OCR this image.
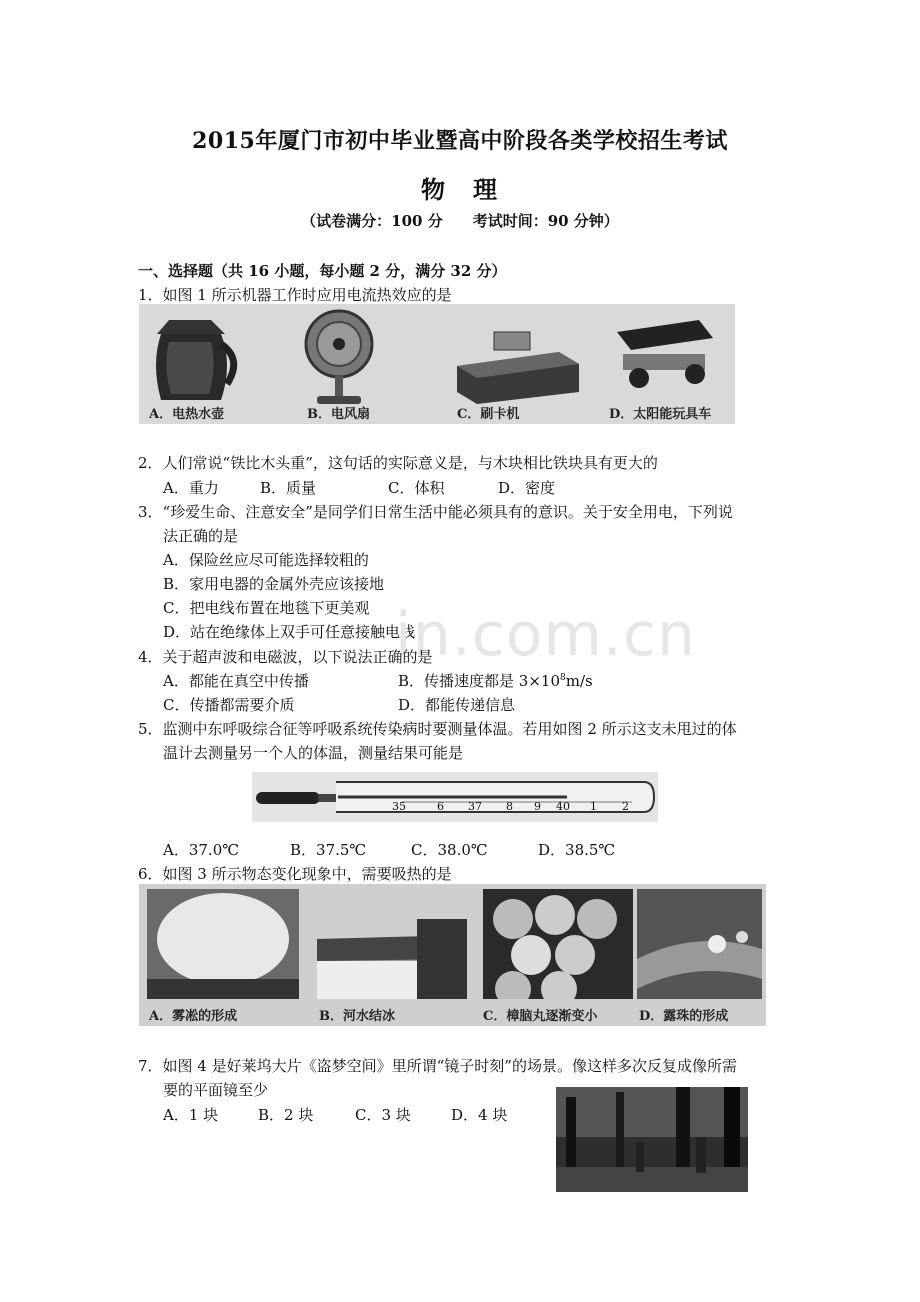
2015年厦门市初中毕业暨高中阶段各类学校招生考试
物　理
（试卷满分：100 分　　考试时间：90 分钟）
一、选择题（共 16 小题，每小题 2 分，满分 32 分）
1．如图 1 所示机器工作时应用电流热效应的是
A．电热水壶	B．电风扇	C．刷卡机	D．太阳能玩具车
2．人们常说“铁比木头重”，这句话的实际意义是，与木块相比铁块具有更大的
A．重力	B．质量	C．体积	D．密度
3．“珍爱生命、注意安全”是同学们日常生活中能必须具有的意识。关于安全用电，下列说
法正确的是
A．保险丝应尽可能选择较粗的
B．家用电器的金属外壳应该接地
C．把电线布置在地毯下更美观
D．站在绝缘体上双手可任意接触电线
in.com.cn
4．关于超声波和电磁波，以下说法正确的是
A．都能在真空中传播	B．传播速度都是 $3\times 10^8m/s$
C．传播都需要介质	D．都能传递信息
5．监测中东呼吸综合征等呼吸系统传染病时要测量体温。若用如图 2 所示这支未甩过的体
温计去测量另一个人的体温，测量结果可能是
35	6 37 8 9 40 1 2
A．37.0℃	B．37.5℃	C．38.0℃	D．38.5℃
6．如图 3 所示物态变化现象中，需要吸热的是
A．雾凇的形成	B．河水结冰	C．樟脑丸逐渐变小	D．露珠的形成
7．如图 4 是好莱坞大片《盗梦空间》里所谓“镜子时刻”的场景。像这样多次反复成像所需
要的平面镜至少
A．1 块	B．2 块	C．3 块	D．4 块
